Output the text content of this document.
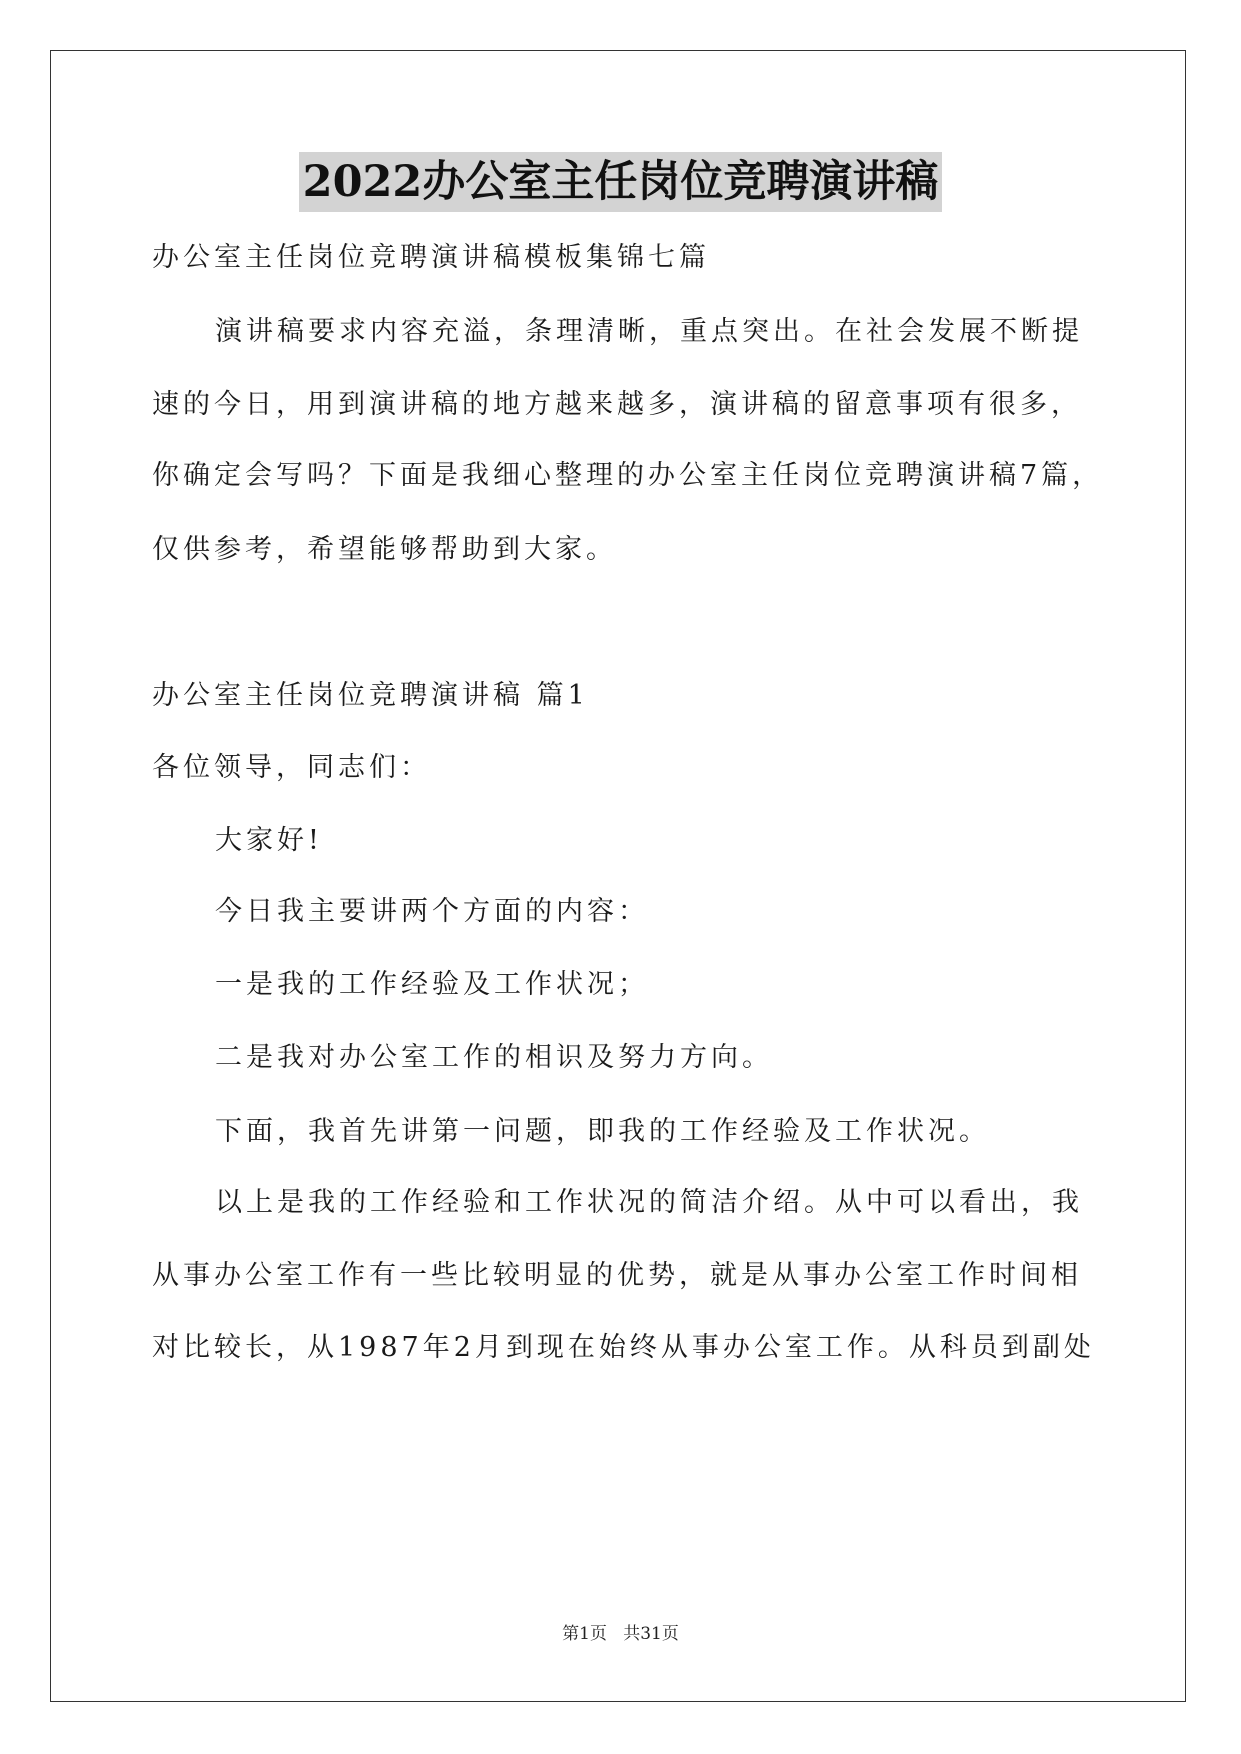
2022办公室主任岗位竞聘演讲稿
办公室主任岗位竞聘演讲稿模板集锦七篇
演讲稿要求内容充溢，条理清晰，重点突出。在社会发展不断提
速的今日，用到演讲稿的地方越来越多，演讲稿的留意事项有很多，
你确定会写吗？下面是我细心整理的办公室主任岗位竞聘演讲稿7篇，
仅供参考，希望能够帮助到大家。
办公室主任岗位竞聘演讲稿 篇1
各位领导，同志们：
大家好!
今日我主要讲两个方面的内容：
一是我的工作经验及工作状况；
二是我对办公室工作的相识及努力方向。
下面，我首先讲第一问题，即我的工作经验及工作状况。
以上是我的工作经验和工作状况的简洁介绍。从中可以看出，我
从事办公室工作有一些比较明显的优势，就是从事办公室工作时间相
对比较长，从1987年2月到现在始终从事办公室工作。从科员到副处
第1页 共31页
